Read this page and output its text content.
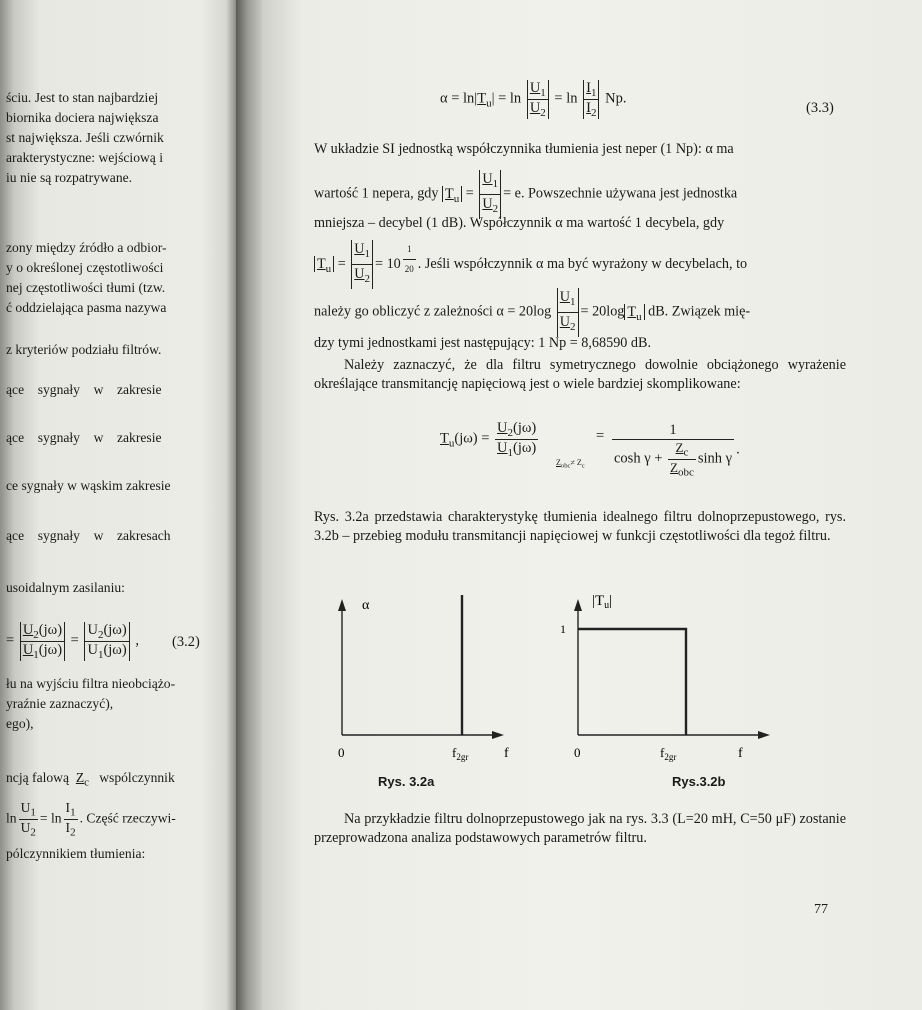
ściu. Jest to stan najbardziej
biornika dociera największa
st największa. Jeśli czwórnik
arakterystyczne: wejściową i
iu nie są rozpatrywane.
zony między źródło a odbior-
y o określonej częstotliwości
nej częstotliwości tłumi (tzw.
ć oddzielająca pasma nazywa
z kryteriów podziału filtrów.
ące    sygnały    w    zakresie
ące    sygnały    w    zakresie
ce sygnały w wąskim zakresie
ące    sygnały    w    zakresach
usoidalnym zasilaniu:
= $\frac{U_2(j\omega)}{U_1(j\omega)} = \frac{U_2(j\omega)}{U_1(j\omega)}$ , (3.2)
łu na wyjściu filtra nieobciążo-
yraźnie zaznaczyć),
ego),
ncją falową $Z_c$ wspólczynnik
$\ln \frac{U_1}{U_2} = \ln \frac{I_1}{I_2}$ . Część rzeczywi-
pólczynnikiem tłumienia:
$\alpha = \ln|T_u| = \ln \frac{U_1}{U_2} = \ln \frac{I_1}{I_2} Np$.
(3.3)
W układzie SI jednostką współczynnika tłumienia jest neper (1 Np): α ma
wartość 1 nepera, gdy $T_u = \frac{U_1}{U_2} = e$. Powszechnie używana jest jednostka
mniejsza – decybel (1 dB). Współczynnik α ma wartość 1 decybela, gdy
$T_u = \frac{U_1}{U_2} = 10$ $^{\frac{1}{20}}$ . Jeśli współczynnik α ma być wyrażony w decybelach, to
należy go obliczyć z zależności $\alpha = 20\log \frac{U_1}{U_2} = 20\log$ $T_u$ dB. Związek mię-
dzy tymi jednostkami jest następujący: 1 Np = 8,68590 dB.
Należy zaznaczyć, że dla filtru symetrycznego dowolnie obciążonego wyrażenie określające transmitancję napięciową jest o wiele bardziej skomplikowane:
$T_u(j\omega) = \frac{U_2(j\omega)}{U_1(j\omega)}$
$Z_{obc}\ne Z_c$
= $\frac{1}{\cosh \gamma + \frac{Z_c}{Z_{obc}} \sinh \gamma}$ .
Rys. 3.2a przedstawia charakterystykę tłumienia idealnego filtru dolnoprzepustowego, rys. 3.2b – przebieg modułu transmitancji napięciowej w funkcji częstotliwości dla tegoż filtru.
α
0	$f_{2gr}$	f
1
$|T_u|$
0	$f_{2gr}$	f
Rys. 3.2a	Rys.3.2b
Na przykładzie filtru dolnoprzepustowego jak na rys. 3.3 (L=20 mH, C=50 μF) zostanie przeprowadzona analiza podstawowych parametrów filtru.
77
